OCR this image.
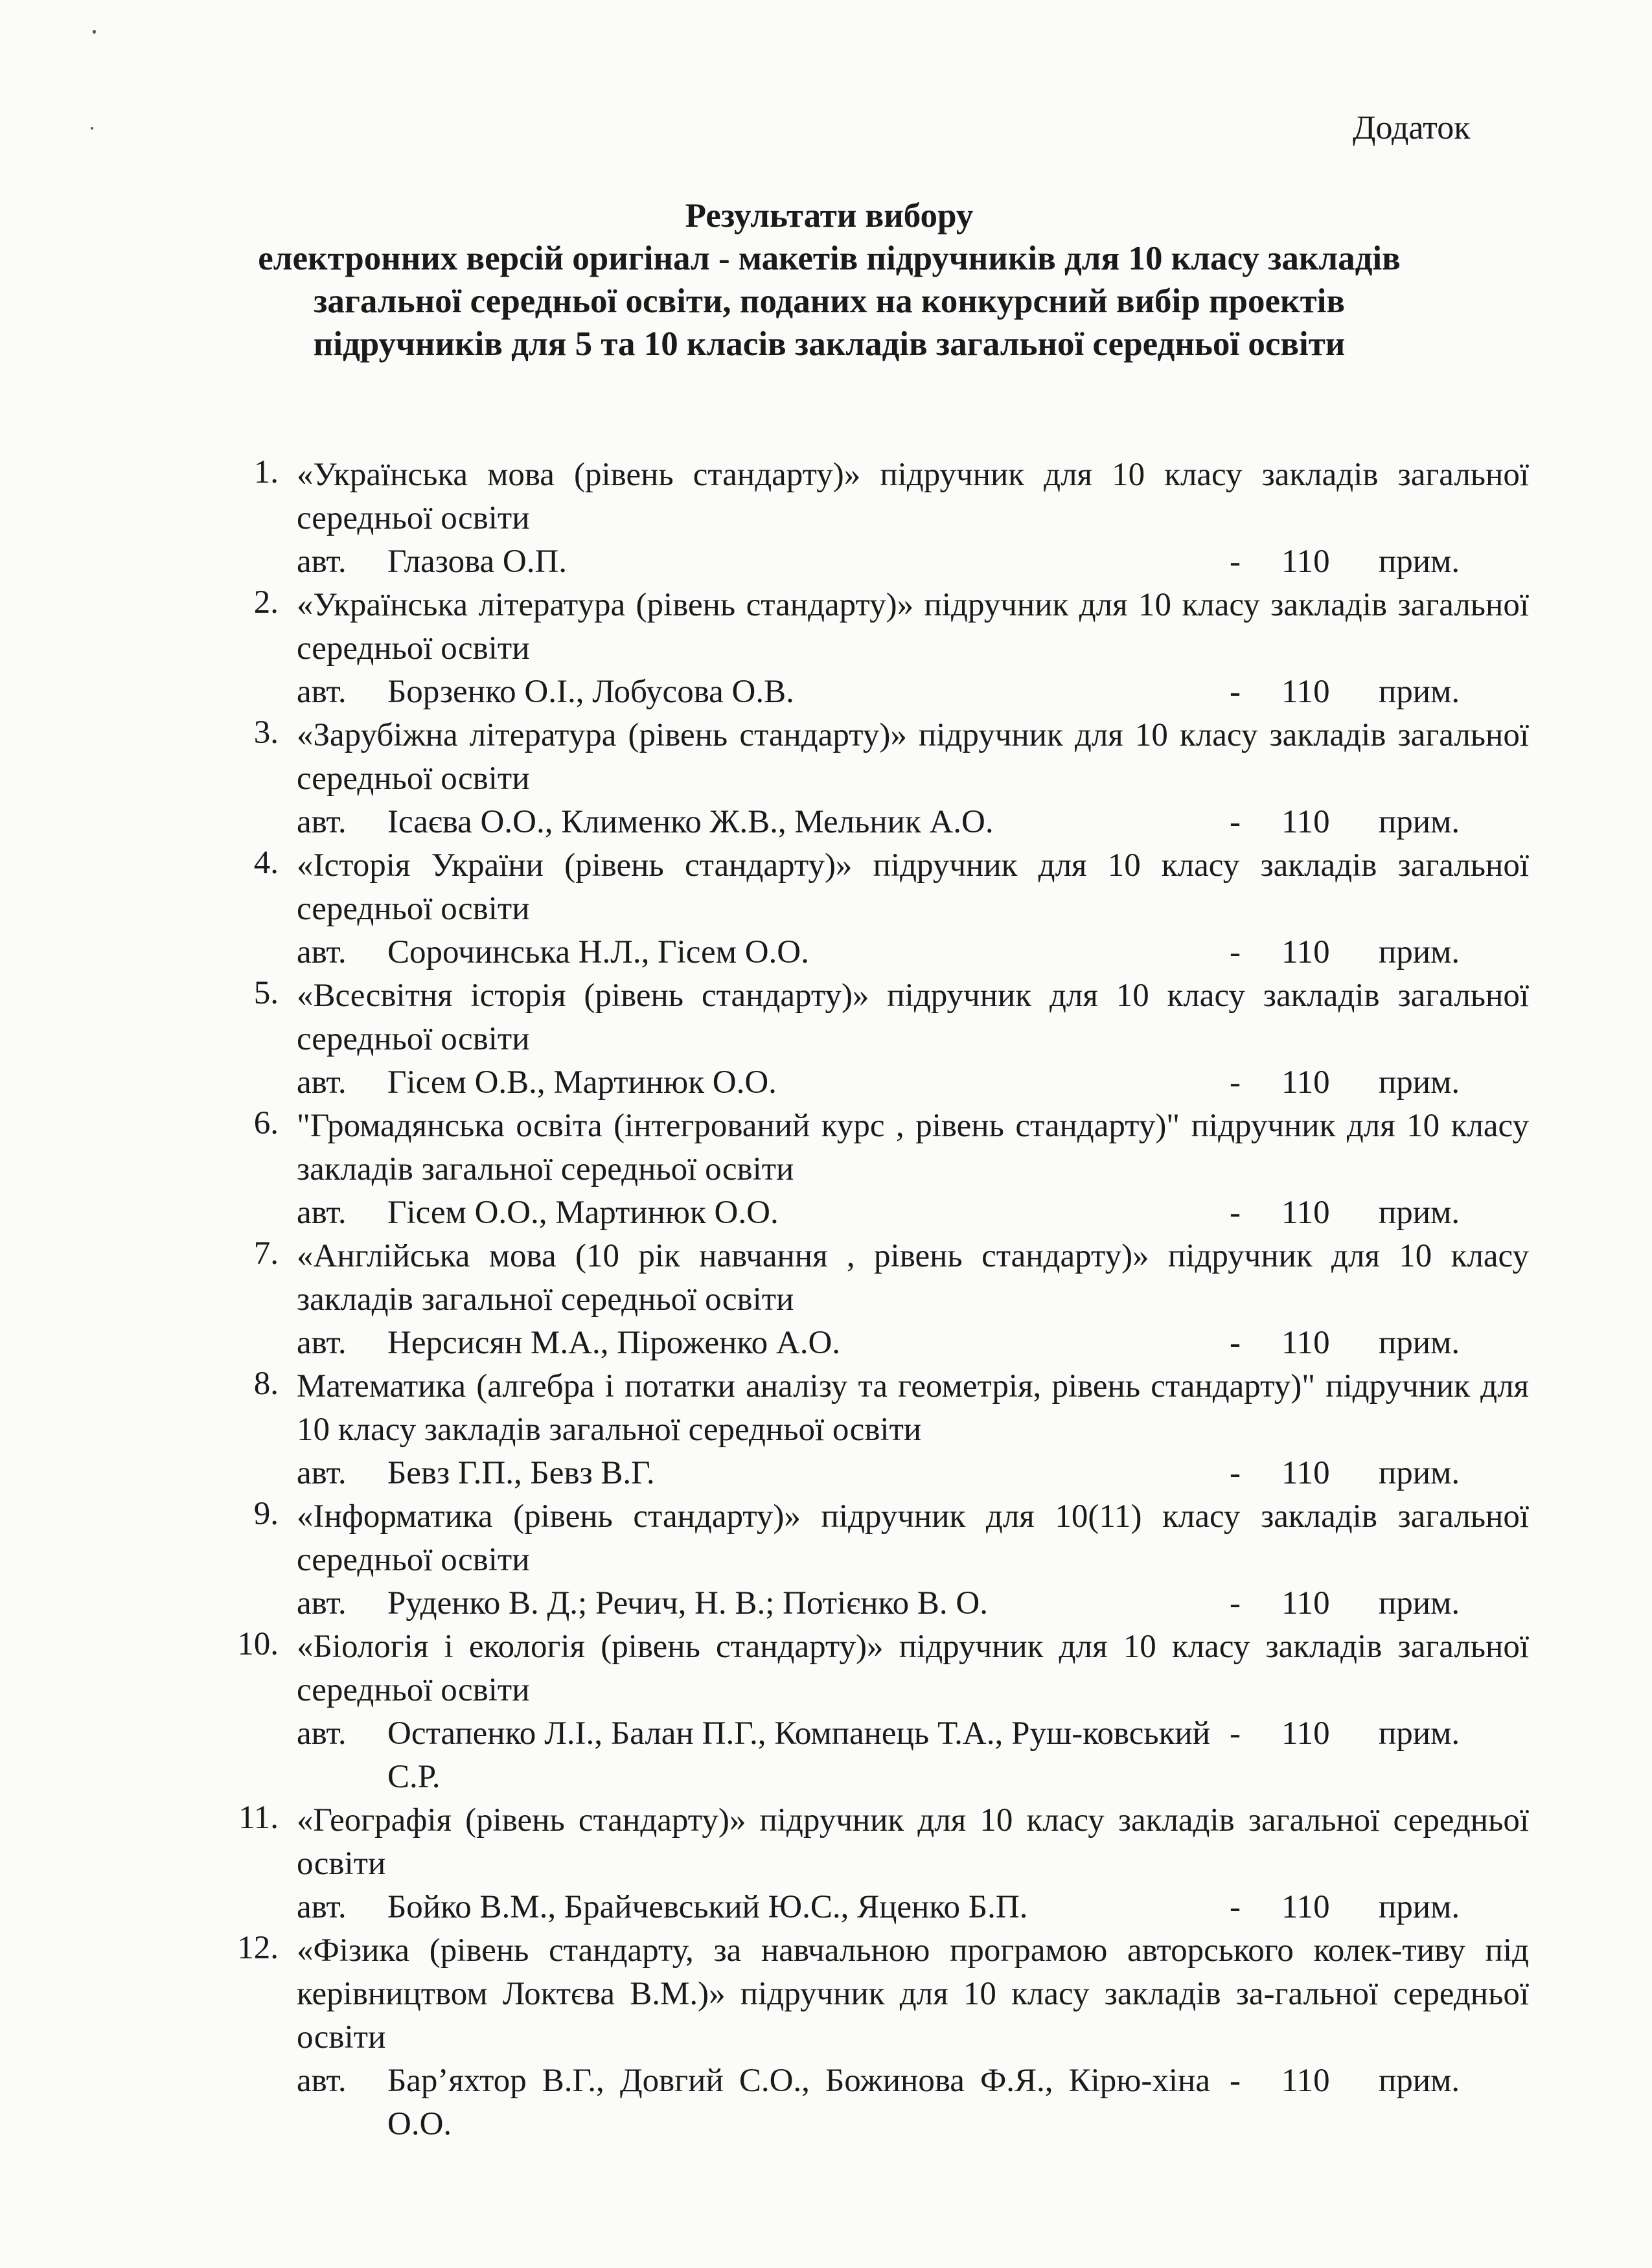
Додаток
Результати вибору
електронних версій оригінал - макетів підручників для 10 класу закладів
загальної середньої освіти, поданих на конкурсний вибір проектів
підручників для 5 та 10 класів закладів загальної середньої освіти
1. «Українська мова (рівень стандарту)» підручник для 10 класу закладів загальної середньої освіти
авт. Глазова О.П.	- 110 прим.
2. «Українська література (рівень стандарту)» підручник для 10 класу закладів загальної середньої освіти
авт. Борзенко О.І., Лобусова О.В.	- 110 прим.
3. «Зарубіжна література (рівень стандарту)» підручник для 10 класу закладів загальної середньої освіти
авт. Ісаєва О.О., Клименко Ж.В., Мельник А.О.	- 110 прим.
4. «Історія України (рівень стандарту)» підручник для 10 класу закладів загальної середньої освіти
авт. Сорочинська Н.Л., Гісем О.О.	- 110 прим.
5. «Всесвітня історія (рівень стандарту)» підручник для 10 класу закладів загальної середньої освіти
авт. Гісем О.В., Мартинюк О.О.	- 110 прим.
6. "Громадянська освіта (інтегрований курс , рівень стандарту)" підручник для 10 класу закладів загальної середньої освіти
авт. Гісем О.О., Мартинюк О.О.	- 110 прим.
7. «Англійська мова (10 рік навчання , рівень стандарту)» підручник для 10 класу закладів загальної середньої освіти
авт. Нерсисян М.А., Піроженко А.О.	- 110 прим.
8. Математика (алгебра і потатки аналізу та геометрія, рівень стандарту)" підручник для 10 класу закладів загальної середньої освіти
авт. Бевз Г.П., Бевз В.Г.	- 110 прим.
9. «Інформатика (рівень стандарту)» підручник для 10(11) класу закладів загальної середньої освіти
авт. Руденко В. Д.; Речич, Н. В.; Потієнко В. О.	- 110 прим.
10. «Біологія і екологія (рівень стандарту)» підручник для 10 класу закладів загальної середньої освіти
авт. Остапенко Л.І., Балан П.Г., Компанець Т.А., Руш-ковський С.Р.
- 110 прим.
11. «Географія (рівень стандарту)» підручник для 10 класу закладів загальної середньої освіти
авт. Бойко В.М., Брайчевський Ю.С., Яценко Б.П.	- 110 прим.
12. «Фізика (рівень стандарту, за навчальною програмою авторського колек-тиву під керівництвом Локтєва В.М.)» підручник для 10 класу закладів за-гальної середньої освіти
авт. Бар’яхтор В.Г., Довгий С.О., Божинова Ф.Я., Кірю-хіна О.О.
- 110 прим.
